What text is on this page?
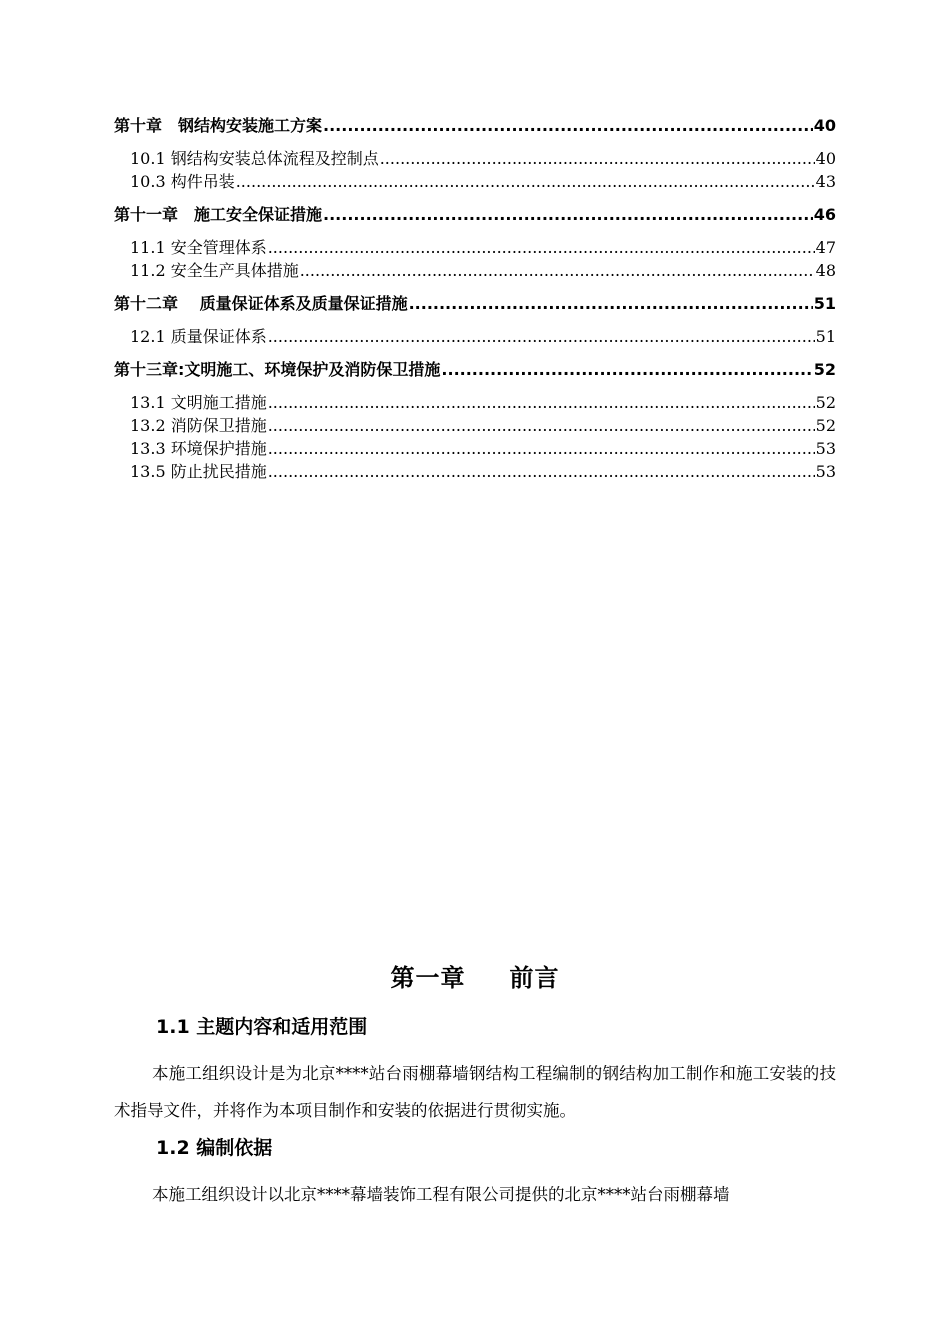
第十章　钢结构安装施工方案 .....	40
10.1 钢结构安装总体流程及控制点 .....	40
10.3 构件吊装 .....	43
第十一章　施工安全保证措施 .....	46
11.1 安全管理体系 .....	47
11.2 安全生产具体措施 .....	48
第十二章　 质量保证体系及质量保证措施 .....	51
12.1 质量保证体系 .....	51
第十三章:文明施工、环境保护及消防保卫措施 .....	52
13.1 文明施工措施 .....	52
13.2 消防保卫措施 .....	52
13.3 环境保护措施 .....	53
13.5 防止扰民措施 .....	53
第一章 前言
1.1 主题内容和适用范围
本施工组织设计是为北京****站台雨棚幕墙钢结构工程编制的钢结构加工制作和施工安装的技术指导文件，并将作为本项目制作和安装的依据进行贯彻实施。
1.2 编制依据
本施工组织设计以北京****幕墙装饰工程有限公司提供的北京****站台雨棚幕墙
